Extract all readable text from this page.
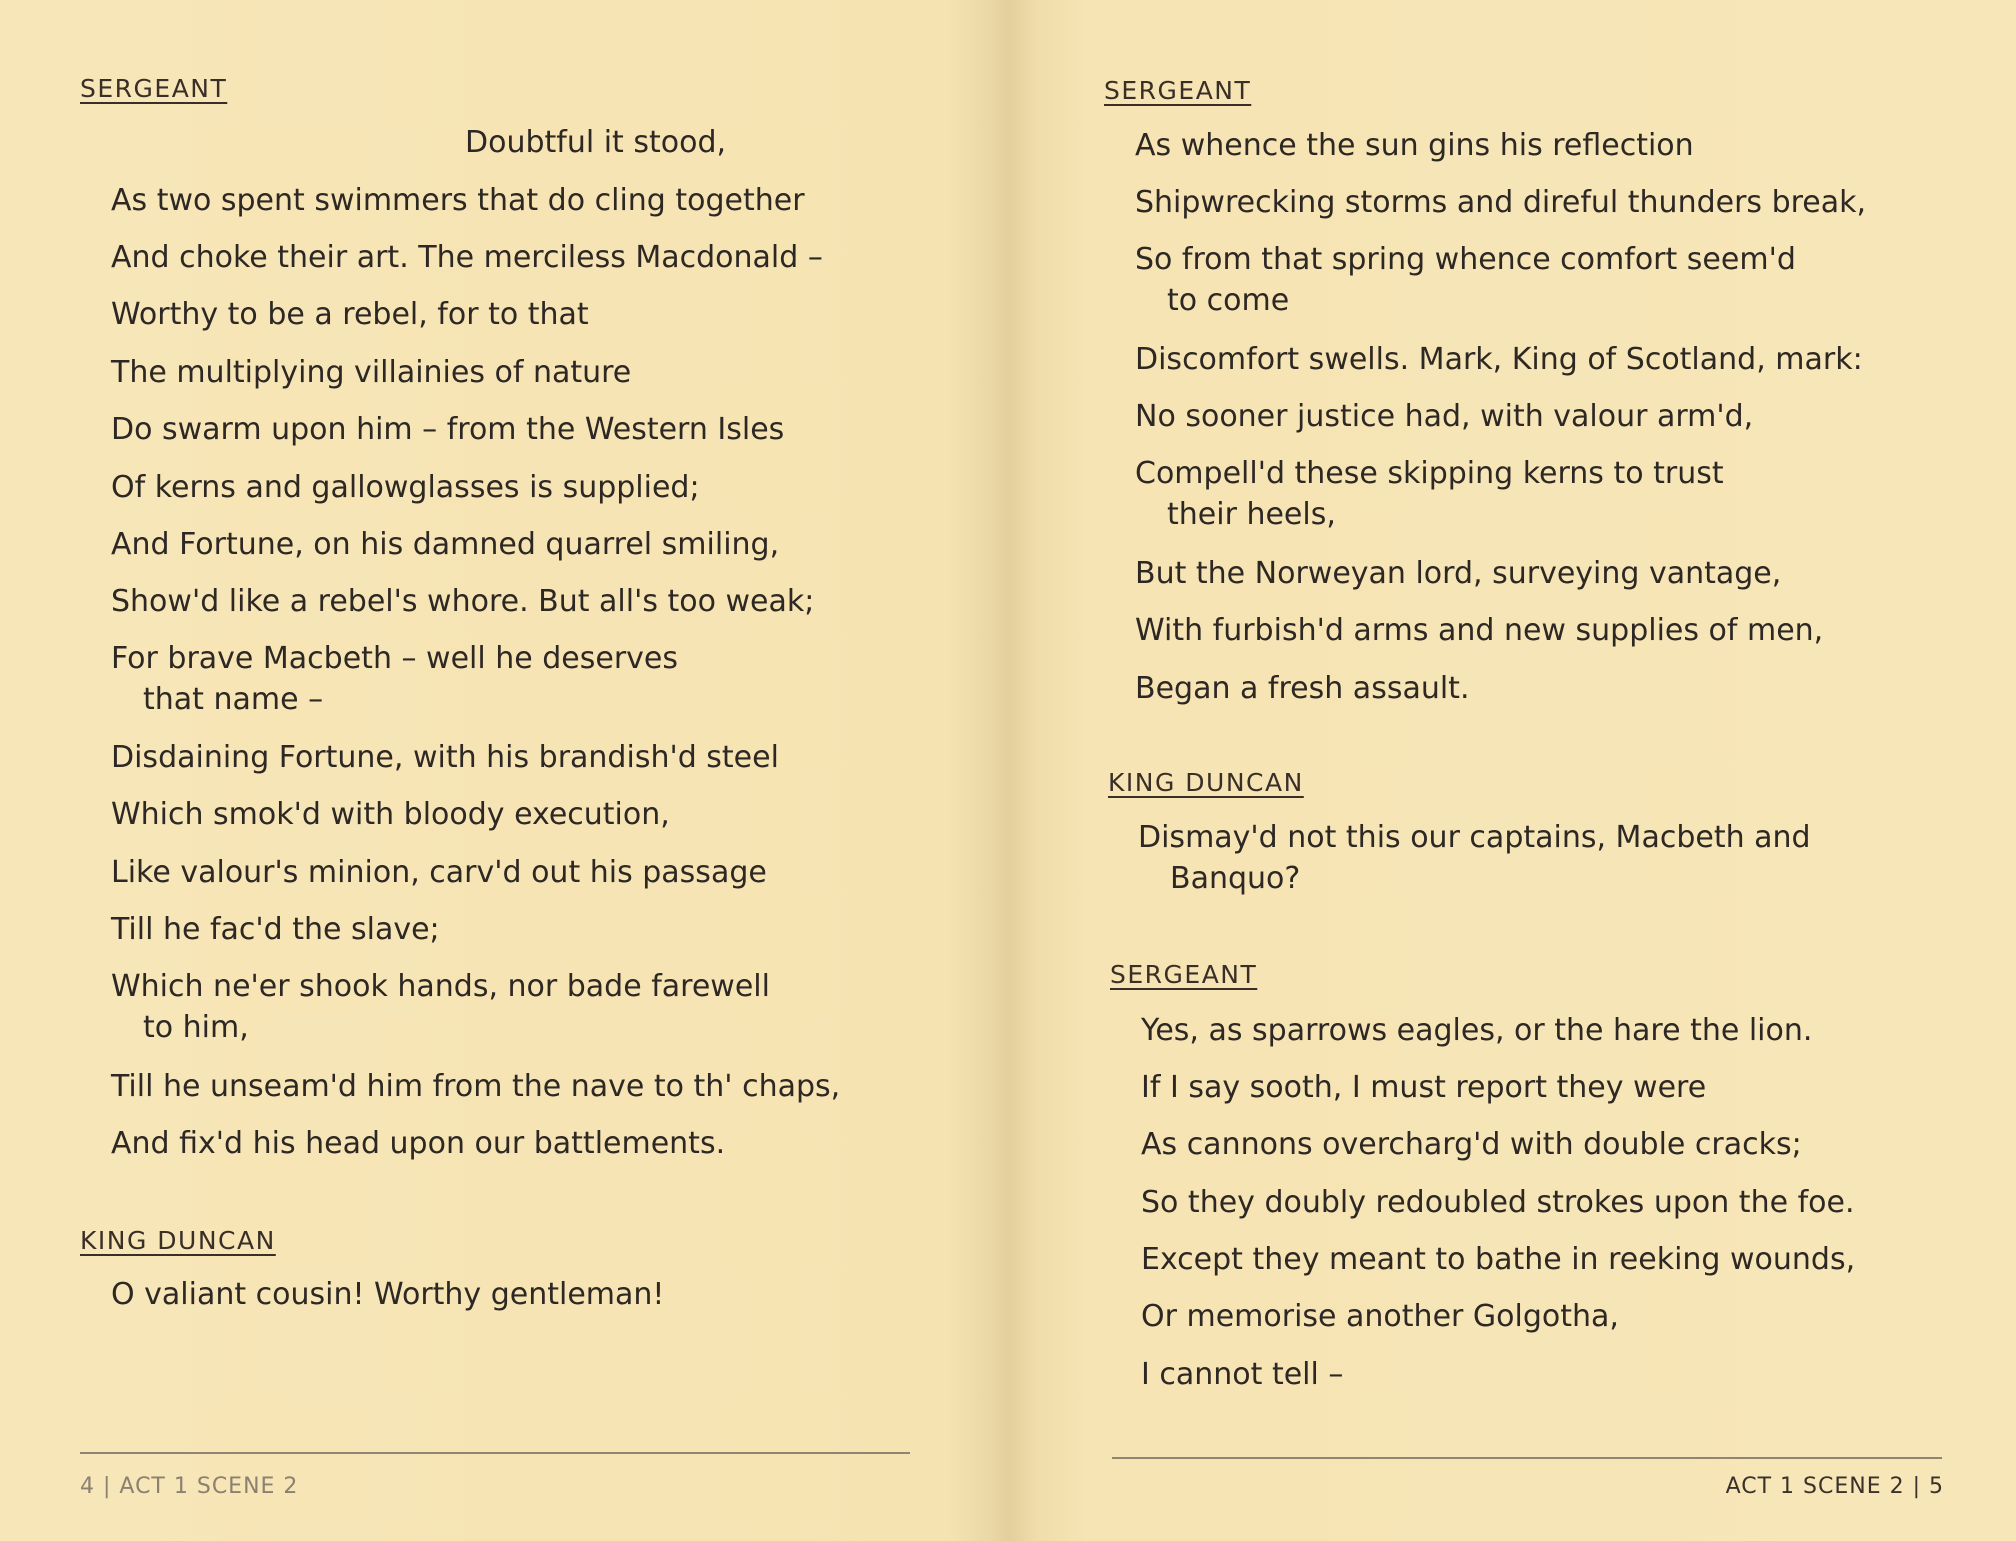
SERGEANT
Doubtful it stood,
As two spent swimmers that do cling together
And choke their art. The merciless Macdonald –
Worthy to be a rebel, for to that
The multiplying villainies of nature
Do swarm upon him – from the Western Isles
Of kerns and gallowglasses is supplied;
And Fortune, on his damned quarrel smiling,
Show'd like a rebel's whore. But all's too weak;
For brave Macbeth – well he deserves
that name –
Disdaining Fortune, with his brandish'd steel
Which smok'd with bloody execution,
Like valour's minion, carv'd out his passage
Till he fac'd the slave;
Which ne'er shook hands, nor bade farewell
to him,
Till he unseam'd him from the nave to th' chaps,
And fix'd his head upon our battlements.
KING DUNCAN
O valiant cousin! Worthy gentleman!
4 | ACT 1 SCENE 2
SERGEANT
As whence the sun gins his reflection
Shipwrecking storms and direful thunders break,
So from that spring whence comfort seem'd
to come
Discomfort swells. Mark, King of Scotland, mark:
No sooner justice had, with valour arm'd,
Compell'd these skipping kerns to trust
their heels,
But the Norweyan lord, surveying vantage,
With furbish'd arms and new supplies of men,
Began a fresh assault.
KING DUNCAN
Dismay'd not this our captains, Macbeth and
Banquo?
SERGEANT
Yes, as sparrows eagles, or the hare the lion.
If I say sooth, I must report they were
As cannons overcharg'd with double cracks;
So they doubly redoubled strokes upon the foe.
Except they meant to bathe in reeking wounds,
Or memorise another Golgotha,
I cannot tell –
ACT 1 SCENE 2 | 5
